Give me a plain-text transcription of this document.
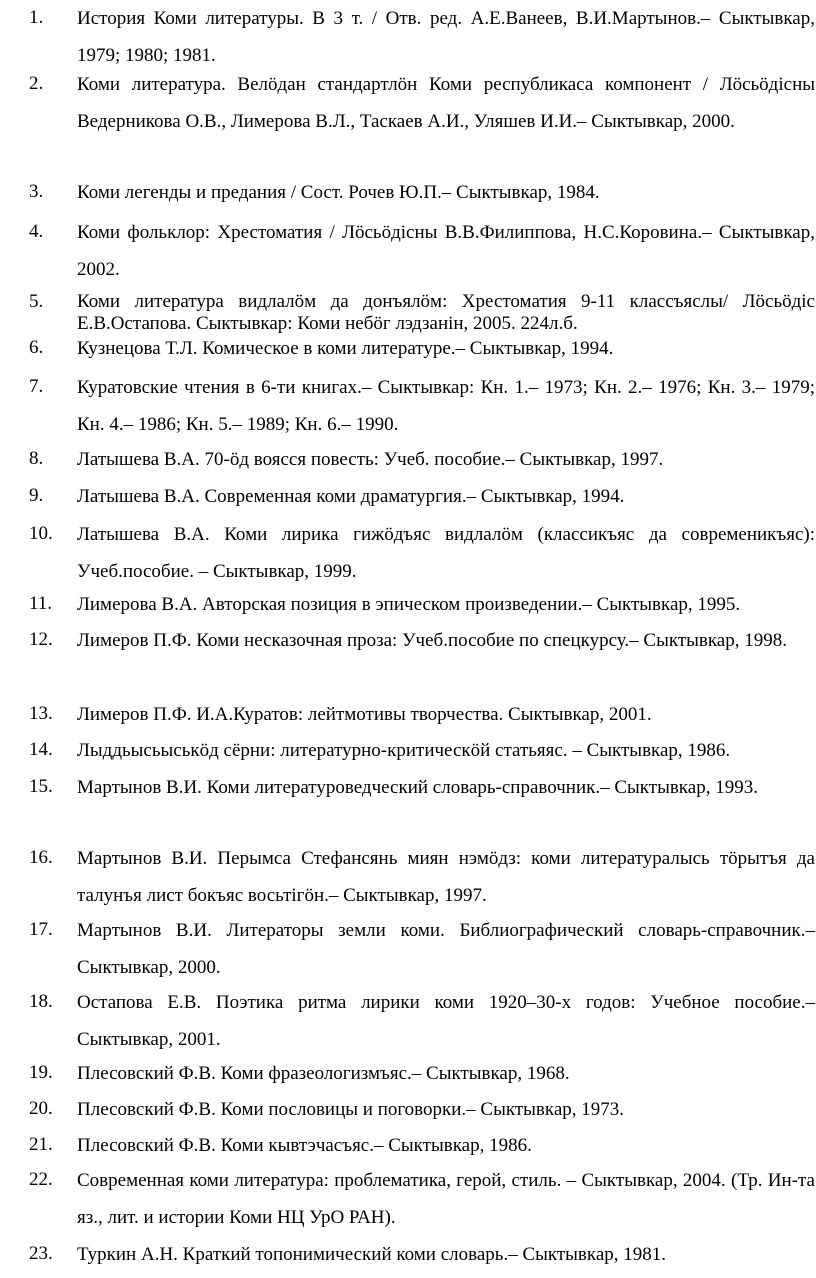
1.	История Коми литературы. В 3 т. / Отв. ред. А.Е.Ванеев, В.И.Мартынов.– Сыктывкар, 1979; 1980; 1981.
2.	Коми литература. Велӧдан стандартлӧн Коми республикаса компонент / Лӧсьӧдісны Ведерникова О.В., Лимерова В.Л., Таскаев А.И., Уляшев И.И.– Сыктывкар, 2000.
3.	Коми легенды и предания / Сост. Рочев Ю.П.– Сыктывкар, 1984.
4.	Коми фольклор: Хрестоматия / Лӧсьӧдісны В.В.Филиппова, Н.С.Коровина.– Сыктывкар, 2002.
5.	Коми литература видлалӧм да донъялӧм: Хрестоматия 9-11 классъяслы/ Лӧсьӧдіс Е.В.Остапова. Сыктывкар: Коми небӧг лэдзанін, 2005. 224л.б.
6.	Кузнецова Т.Л. Комическое в коми литературе.– Сыктывкар, 1994.
7.	Куратовские чтения в 6-ти книгах.– Сыктывкар: Кн. 1.– 1973; Кн. 2.– 1976; Кн. 3.– 1979; Кн. 4.– 1986; Кн. 5.– 1989; Кн. 6.– 1990.
8.	Латышева В.А. 70-ӧд воясся повесть: Учеб. пособие.– Сыктывкар, 1997.
9.	Латышева В.А. Современная коми драматургия.– Сыктывкар, 1994.
10.	Латышева В.А. Коми лирика гижӧдъяс видлалӧм (классикъяс да современикъяс): Учеб.пособие. – Сыктывкар, 1999.
11.	Лимерова В.А. Авторская позиция в эпическом произведении.– Сыктывкар, 1995.
12.	Лимеров П.Ф. Коми несказочная проза: Учеб.пособие по спецкурсу.– Сыктывкар, 1998.
13.	Лимеров П.Ф. И.А.Куратов: лейтмотивы творчества. Сыктывкар, 2001.
14.	Лыддьысьыськӧд сёрни: литературно-критическӧй статьяяс. – Сыктывкар, 1986.
15.	Мартынов В.И. Коми литературоведческий словарь-справочник.– Сыктывкар, 1993.
16.	Мартынов В.И. Перымса Стефансянь миян нэмӧдз: коми литературалысь тӧрытъя да талунъя лист бокъяс восьтігӧн.– Сыктывкар, 1997.
17.	Мартынов В.И. Литераторы земли коми. Библиографический словарь-справочник.– Сыктывкар, 2000.
18.	Остапова Е.В. Поэтика ритма лирики коми 1920–30-х годов: Учебное пособие.– Сыктывкар, 2001.
19.	Плесовский Ф.В. Коми фразеологизмъяс.– Сыктывкар, 1968.
20.	Плесовский Ф.В. Коми пословицы и поговорки.– Сыктывкар, 1973.
21.	Плесовский Ф.В. Коми кывтэчасъяс.– Сыктывкар, 1986.
22.	Современная коми литература: проблематика, герой, стиль. – Сыктывкар, 2004. (Тр. Ин-та яз., лит. и истории Коми НЦ УрО РАН).
23.	Туркин А.Н. Краткий топонимический коми словарь.– Сыктывкар, 1981.
